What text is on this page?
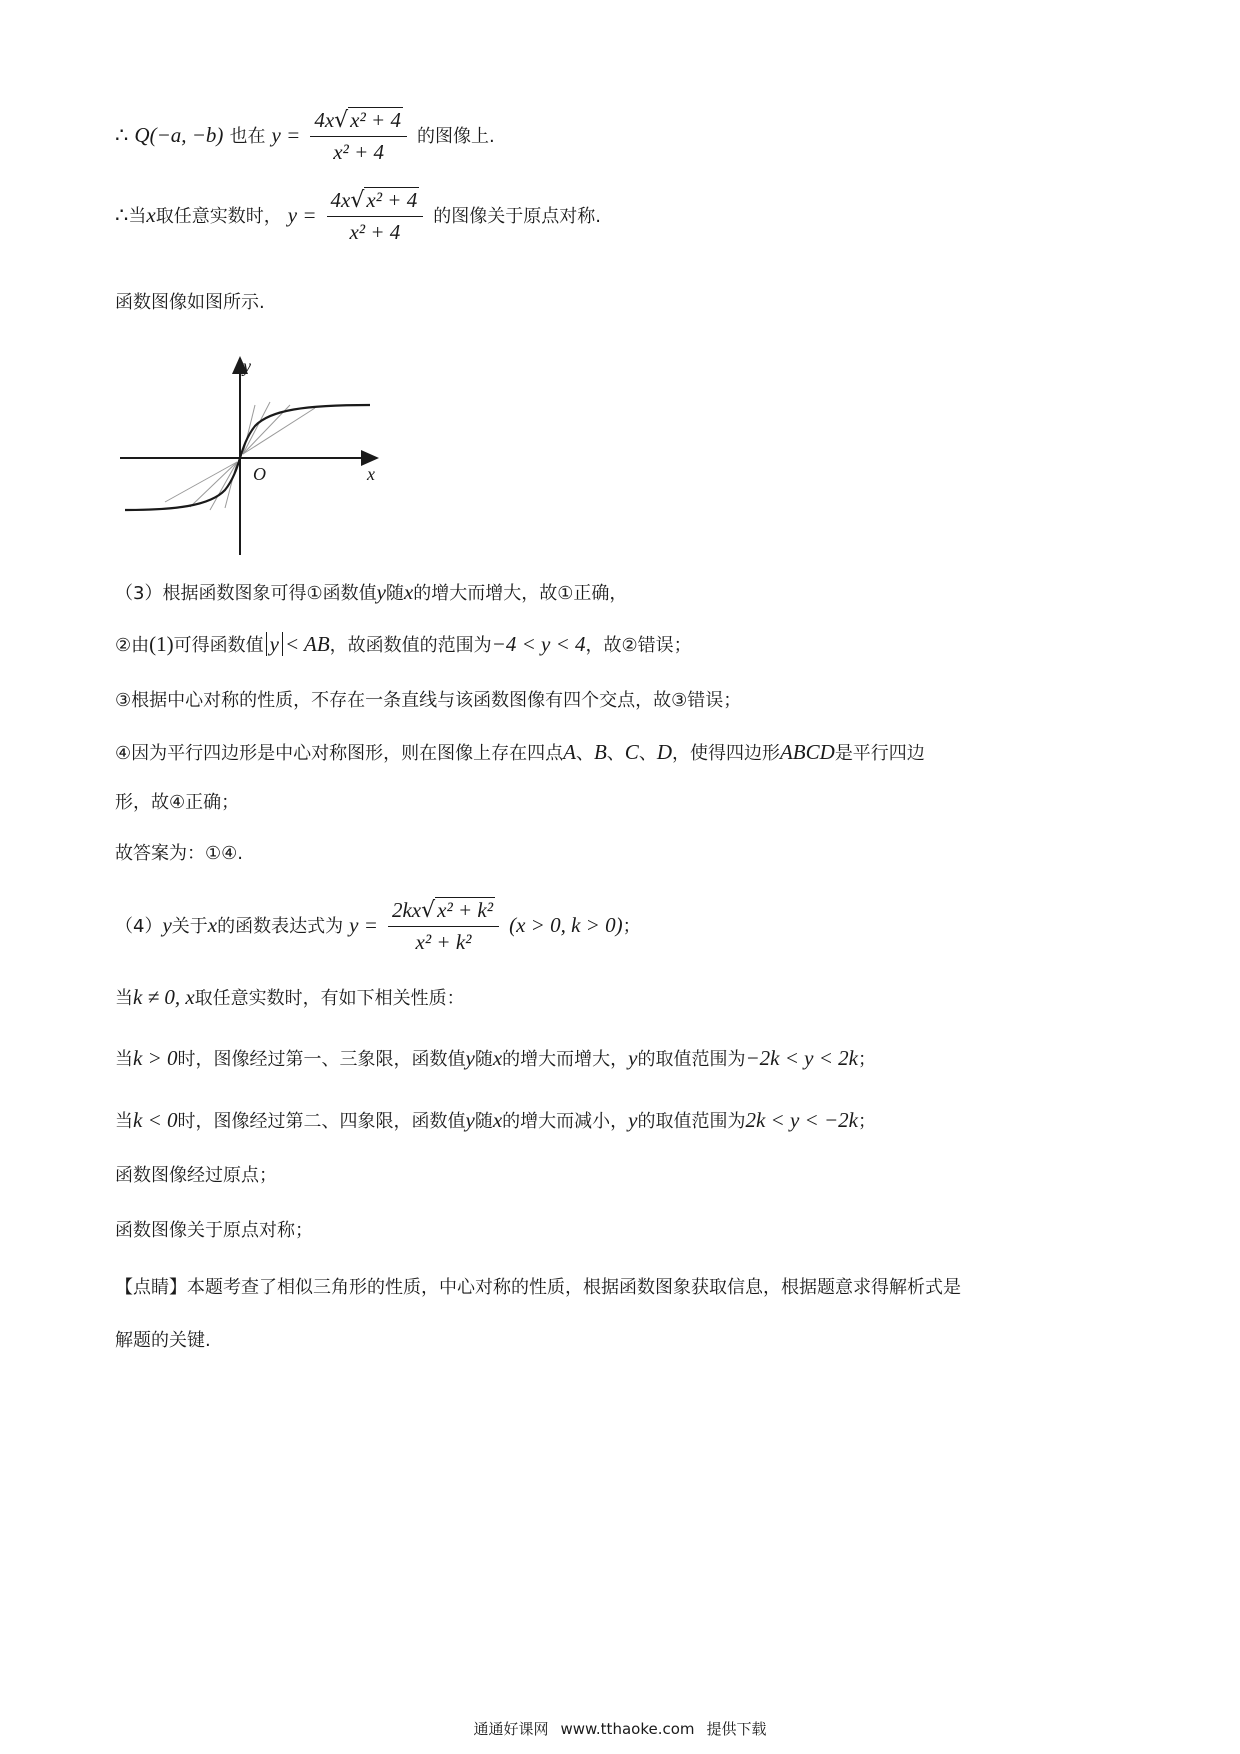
∴ Q(−a, −b) 也在 $y = \frac{\text{4x√x² + 4}}{\text{x² + 4}}$ 的图像上.
∴当x取任意实数时， $y = \frac{\text{4x√x² + 4}}{\text{x² + 4}}$ 的图像关于原点对称.
函数图像如图所示.
y
x
O
（3）根据函数图象可得①函数值y随x的增大而增大，故①正确，
②由(1)可得函数值 y < AB，故函数值的范围为−4 < y < 4，故②错误；
③根据中心对称的性质，不存在一条直线与该函数图像有四个交点，故③错误；
④因为平行四边形是中心对称图形，则在图像上存在四点A、B、C、D，使得四边形ABCD是平行四边
形，故④正确；
故答案为：①④.
（4）y关于x的函数表达式为 $y = \frac{\text{2kx√x² + k²}}{\text{x² + k²}} (x > 0$, k > 0)；
当k ≠ 0, x取任意实数时，有如下相关性质：
当k > 0时，图像经过第一、三象限，函数值y随x的增大而增大，y的取值范围为−2k < y < 2k；
当k < 0时，图像经过第二、四象限，函数值y随x的增大而减小，y的取值范围为2k < y < −2k；
函数图像经过原点；
函数图像关于原点对称；
【点睛】本题考查了相似三角形的性质，中心对称的性质，根据函数图象获取信息，根据题意求得解析式是
解题的关键.
通通好课网 www.tthaoke.com 提供下载
